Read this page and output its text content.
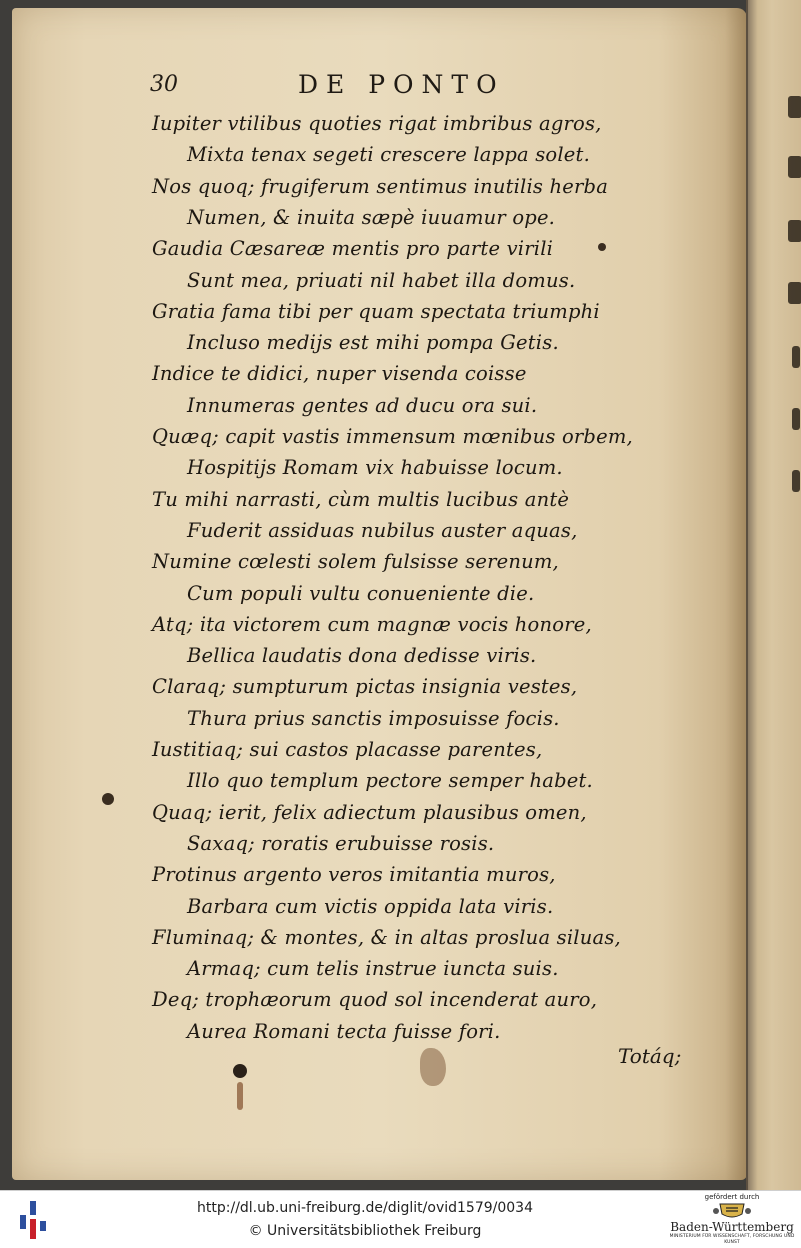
30	DE PONTO
Iupiter vtilibus quoties rigat imbribus agros,
Mixta tenax segeti crescere lappa solet.
Nos quoq; frugiferum sentimus inutilis herba
Numen, & inuita sæpè iuuamur ope.
Gaudia Cæsareæ mentis pro parte virili
Sunt mea, priuati nil habet illa domus.
Gratia fama tibi per quam spectata triumphi
Incluso medijs est mihi pompa Getis.
Indice te didici, nuper visenda coisse
Innumeras gentes ad ducu ora sui.
Quæq; capit vastis immensum mœnibus orbem,
Hospitijs Romam vix habuisse locum.
Tu mihi narrasti, cùm multis lucibus antè
Fuderit assiduas nubilus auster aquas,
Numine cœlesti solem fulsisse serenum,
Cum populi vultu conueniente die.
Atq; ita victorem cum magnæ vocis honore,
Bellica laudatis dona dedisse viris.
Claraq; sumpturum pictas insignia vestes,
Thura prius sanctis imposuisse focis.
Iustitiaq; sui castos placasse parentes,
Illo quo templum pectore semper habet.
Quaq; ierit, felix adiectum plausibus omen,
Saxaq; roratis erubuisse rosis.
Protinus argento veros imitantia muros,
Barbara cum victis oppida lata viris.
Fluminaq; & montes, & in altas proslua siluas,
Armaq; cum telis instrue iuncta suis.
Deq; trophæorum quod sol incenderat auro,
Aurea Romani tecta fuisse fori.
Totáq;
http://dl.ub.uni-freiburg.de/diglit/ovid1579/0034
© Universitätsbibliothek Freiburg
gefördert durch
Baden-Württemberg
MINISTERIUM FÜR WISSENSCHAFT, FORSCHUNG UND KUNST
